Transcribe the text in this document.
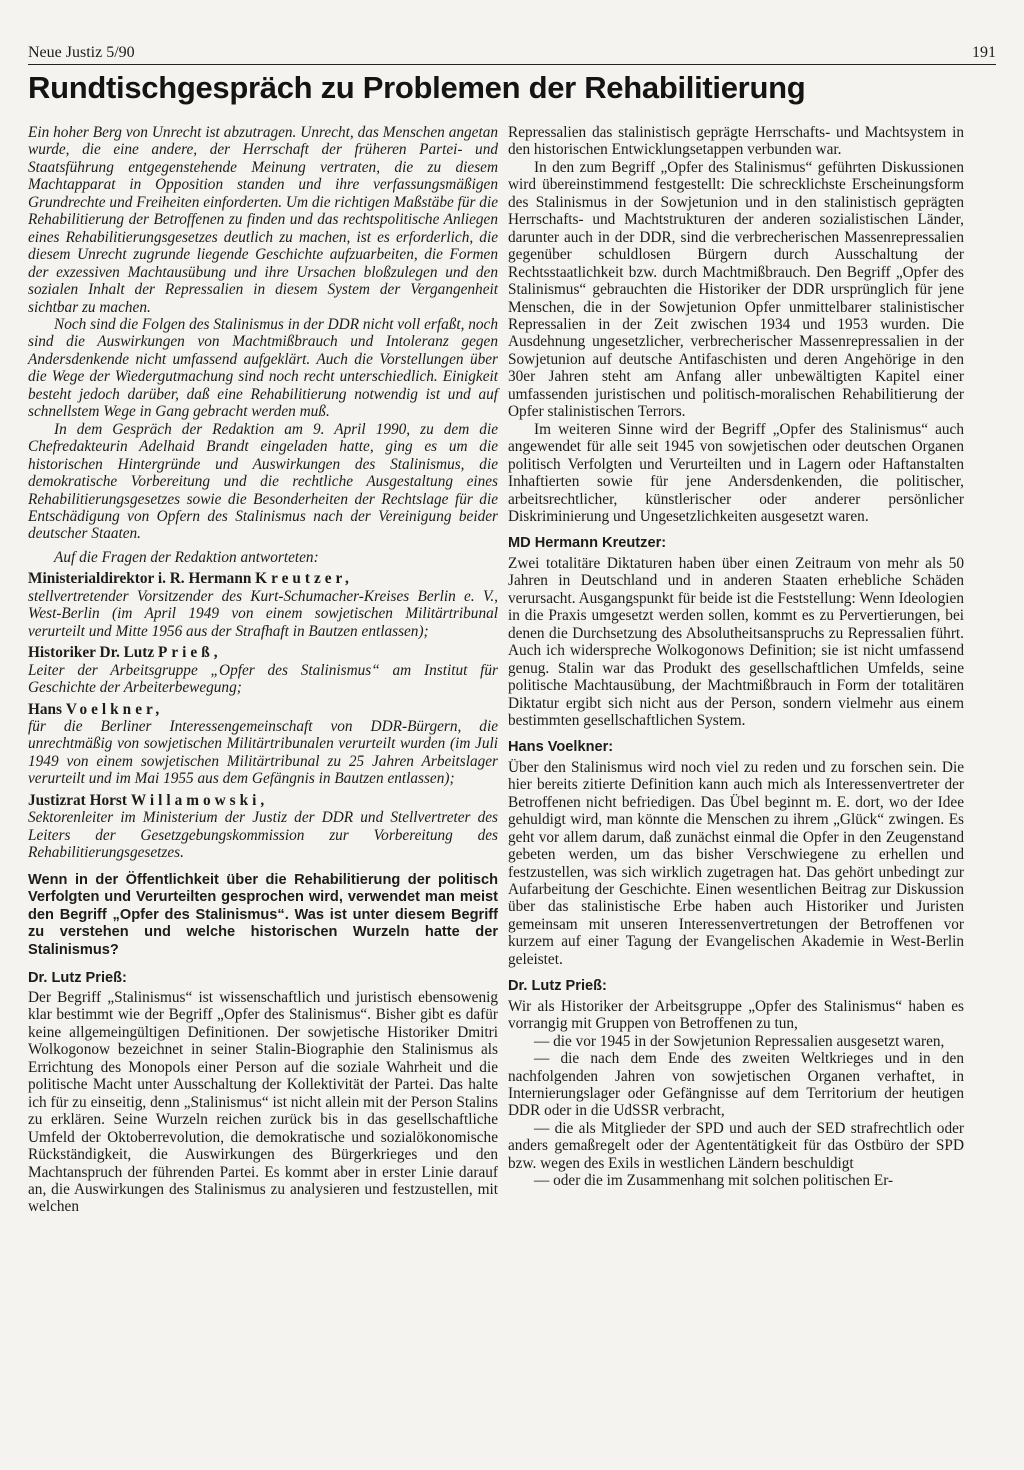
Neue Justiz 5/90	191
Rundtischgespräch zu Problemen der Rehabilitierung

Ein hoher Berg von Unrecht ist abzutragen. Unrecht, das Menschen angetan wurde, die eine andere, der Herrschaft der früheren Partei- und Staatsführung entgegenstehende Meinung vertraten, die zu diesem Machtapparat in Opposition standen und ihre verfassungsmäßigen Grundrechte und Freiheiten einforderten. Um die richtigen Maßstäbe für die Rehabilitierung der Betroffenen zu finden und das rechtspolitische Anliegen eines Rehabilitierungsgesetzes deutlich zu machen, ist es erforderlich, die diesem Unrecht zugrunde liegende Geschichte aufzuarbeiten, die Formen der exzessiven Machtausübung und ihre Ursachen bloßzulegen und den sozialen Inhalt der Repressalien in diesem System der Vergangenheit sichtbar zu machen.

Noch sind die Folgen des Stalinismus in der DDR nicht voll erfaßt, noch sind die Auswirkungen von Machtmißbrauch und Intoleranz gegen Andersdenkende nicht umfassend aufgeklärt. Auch die Vorstellungen über die Wege der Wiedergutmachung sind noch recht unterschiedlich. Einigkeit besteht jedoch darüber, daß eine Rehabilitierung notwendig ist und auf schnellstem Wege in Gang gebracht werden muß.

In dem Gespräch der Redaktion am 9. April 1990, zu dem die Chefredakteurin Adelhaid Brandt eingeladen hatte, ging es um die historischen Hintergründe und Auswirkungen des Stalinismus, die demokratische Vorbereitung und die rechtliche Ausgestaltung eines Rehabilitierungsgesetzes sowie die Besonderheiten der Rechtslage für die Entschädigung von Opfern des Stalinismus nach der Vereinigung beider deutscher Staaten.

Auf die Fragen der Redaktion antworteten:

Ministerialdirektor i. R. Hermann Kreutzer,

stellvertretender Vorsitzender des Kurt-Schumacher-Kreises Berlin e. V., West-Berlin (im April 1949 von einem sowjetischen Militärtribunal verurteilt und Mitte 1956 aus der Strafhaft in Bautzen entlassen);

Historiker Dr. Lutz Prieß,

Leiter der Arbeitsgruppe „Opfer des Stalinismus“ am Institut für Geschichte der Arbeiterbewegung;

Hans Voelkner,

für die Berliner Interessengemeinschaft von DDR-Bürgern, die unrechtmäßig von sowjetischen Militärtribunalen verurteilt wurden (im Juli 1949 von einem sowjetischen Militärtribunal zu 25 Jahren Arbeitslager verurteilt und im Mai 1955 aus dem Gefängnis in Bautzen entlassen);

Justizrat Horst Willamowski,

Sektorenleiter im Ministerium der Justiz der DDR und Stellvertreter des Leiters der Gesetzgebungskommission zur Vorbereitung des Rehabilitierungsgesetzes.

Wenn in der Öffentlichkeit über die Rehabilitierung der politisch Verfolgten und Verurteilten gesprochen wird, verwendet man meist den Begriff „Opfer des Stalinismus“. Was ist unter diesem Begriff zu verstehen und welche historischen Wurzeln hatte der Stalinismus?

Dr. Lutz Prieß:

Der Begriff „Stalinismus“ ist wissenschaftlich und juristisch ebensowenig klar bestimmt wie der Begriff „Opfer des Stalinismus“. Bisher gibt es dafür keine allgemeingültigen Definitionen. Der sowjetische Historiker Dmitri Wolkogonow bezeichnet in seiner Stalin-Biographie den Stalinismus als Errichtung des Monopols einer Person auf die soziale Wahrheit und die politische Macht unter Ausschaltung der Kollektivität der Partei. Das halte ich für zu einseitig, denn „Stalinismus“ ist nicht allein mit der Person Stalins zu erklären. Seine Wurzeln reichen zurück bis in das gesellschaftliche Umfeld der Oktoberrevolution, die demokratische und sozialökonomische Rückständigkeit, die Auswirkungen des Bürgerkrieges und den Machtanspruch der führenden Partei. Es kommt aber in erster Linie darauf an, die Auswirkungen des Stalinismus zu analysieren und festzustellen, mit welchen

Repressalien das stalinistisch geprägte Herrschafts- und Machtsystem in den historischen Entwicklungsetappen verbunden war.

In den zum Begriff „Opfer des Stalinismus“ geführten Diskussionen wird übereinstimmend festgestellt: Die schrecklichste Erscheinungsform des Stalinismus in der Sowjetunion und in den stalinistisch geprägten Herrschafts- und Machtstrukturen der anderen sozialistischen Länder, darunter auch in der DDR, sind die verbrecherischen Massenrepressalien gegenüber schuldlosen Bürgern durch Ausschaltung der Rechtsstaatlichkeit bzw. durch Machtmißbrauch. Den Begriff „Opfer des Stalinismus“ gebrauchten die Historiker der DDR ursprünglich für jene Menschen, die in der Sowjetunion Opfer unmittelbarer stalinistischer Repressalien in der Zeit zwischen 1934 und 1953 wurden. Die Ausdehnung ungesetzlicher, verbrecherischer Massenrepressalien in der Sowjetunion auf deutsche Antifaschisten und deren Angehörige in den 30er Jahren steht am Anfang aller unbewältigten Kapitel einer umfassenden juristischen und politisch-moralischen Rehabilitierung der Opfer stalinistischen Terrors.

Im weiteren Sinne wird der Begriff „Opfer des Stalinismus“ auch angewendet für alle seit 1945 von sowjetischen oder deutschen Organen politisch Verfolgten und Verurteilten und in Lagern oder Haftanstalten Inhaftierten sowie für jene Andersdenkenden, die politischer, arbeitsrechtlicher, künstlerischer oder anderer persönlicher Diskriminierung und Ungesetzlichkeiten ausgesetzt waren.

MD Hermann Kreutzer:

Zwei totalitäre Diktaturen haben über einen Zeitraum von mehr als 50 Jahren in Deutschland und in anderen Staaten erhebliche Schäden verursacht. Ausgangspunkt für beide ist die Feststellung: Wenn Ideologien in die Praxis umgesetzt werden sollen, kommt es zu Pervertierungen, bei denen die Durchsetzung des Absolutheitsanspruchs zu Repressalien führt. Auch ich widerspreche Wolkogonows Definition; sie ist nicht umfassend genug. Stalin war das Produkt des gesellschaftlichen Umfelds, seine politische Machtausübung, der Machtmißbrauch in Form der totalitären Diktatur ergibt sich nicht aus der Person, sondern vielmehr aus einem bestimmten gesellschaftlichen System.

Hans Voelkner:

Über den Stalinismus wird noch viel zu reden und zu forschen sein. Die hier bereits zitierte Definition kann auch mich als Interessenvertreter der Betroffenen nicht befriedigen. Das Übel beginnt m. E. dort, wo der Idee gehuldigt wird, man könnte die Menschen zu ihrem „Glück“ zwingen. Es geht vor allem darum, daß zunächst einmal die Opfer in den Zeugenstand gebeten werden, um das bisher Verschwiegene zu erhellen und festzustellen, was sich wirklich zugetragen hat. Das gehört unbedingt zur Aufarbeitung der Geschichte. Einen wesentlichen Beitrag zur Diskussion über das stalinistische Erbe haben auch Historiker und Juristen gemeinsam mit unseren Interessenvertretungen der Betroffenen vor kurzem auf einer Tagung der Evangelischen Akademie in West-Berlin geleistet.

Dr. Lutz Prieß:

Wir als Historiker der Arbeitsgruppe „Opfer des Stalinismus“ haben es vorrangig mit Gruppen von Betroffenen zu tun,

— die vor 1945 in der Sowjetunion Repressalien ausgesetzt waren,

— die nach dem Ende des zweiten Weltkrieges und in den nachfolgenden Jahren von sowjetischen Organen verhaftet, in Internierungslager oder Gefängnisse auf dem Territorium der heutigen DDR oder in die UdSSR verbracht,

— die als Mitglieder der SPD und auch der SED strafrechtlich oder anders gemaßregelt oder der Agententätigkeit für das Ostbüro der SPD bzw. wegen des Exils in westlichen Ländern beschuldigt

— oder die im Zusammenhang mit solchen politischen Er-
